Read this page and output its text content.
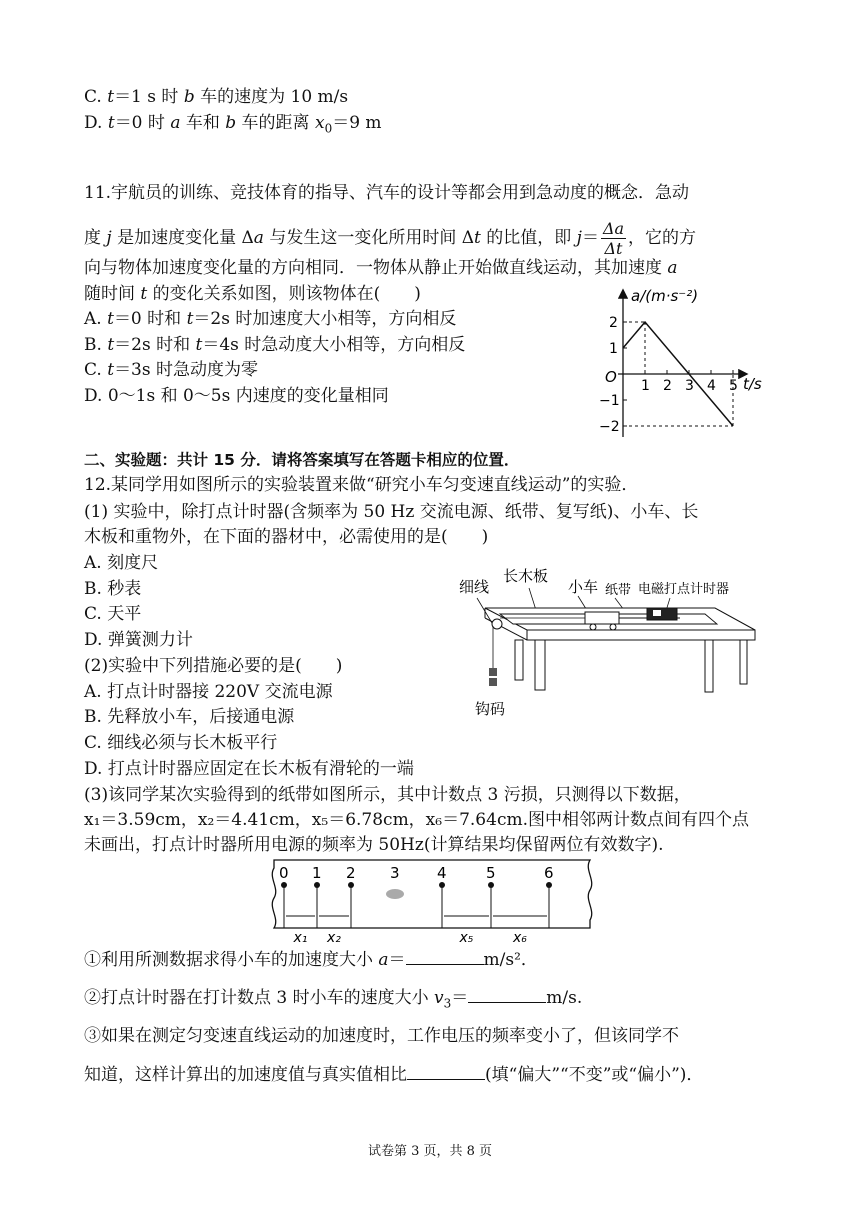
C. t＝1 s 时 b 车的速度为 10 m/s
D. t＝0 时 a 车和 b 车的距离 $x_0=9$ m
11.宇航员的训练、竞技体育的指导、汽车的设计等都会用到急动度的概念．急动
度 j 是加速度变化量 Δa 与发生这一变化所用时间 Δt 的比值，即 $j= \frac{\Delta a}{\Delta t}$ ，它的方
向与物体加速度变化量的方向相同．一物体从静止开始做直线运动，其加速度 a
随时间 t 的变化关系如图，则该物体在(　　)
A. t＝0 时和 t＝2s 时加速度大小相等，方向相反
B. t＝2s 时和 t＝4s 时急动度大小相等，方向相反
C. t＝3s 时急动度为零
D. 0～1s 和 0～5s 内速度的变化量相同	1 2 3 4 5
2
1
−1
−2
a/(m·s⁻²)
t/s
O
二、实验题：共计 15 分．请将答案填写在答题卡相应的位置．
12.某同学用如图所示的实验装置来做“研究小车匀变速直线运动”的实验．
(1) 实验中，除打点计时器(含频率为 50 Hz 交流电源、纸带、复写纸)、小车、长
木板和重物外，在下面的器材中，必需使用的是(　　)
A. 刻度尺
B. 秒表
C. 天平
D. 弹簧测力计
(2)实验中下列措施必要的是(　　)
A. 打点计时器接 220V 交流电源
B. 先释放小车，后接通电源
C. 细线必须与长木板平行
D. 打点计时器应固定在长木板有滑轮的一端
(3)该同学某次实验得到的纸带如图所示，其中计数点 3 污损，只测得以下数据，
x₁＝3.59cm，x₂＝4.41cm，x₅＝6.78cm，x₆＝7.64cm.图中相邻两计数点间有四个点
未画出，打点计时器所用电源的频率为 50Hz(计算结果均保留两位有效数字).
细线
长木板
小车 纸带 电磁打点计时器
钩码
0 1 2 3 4	5	6
x₁ x₂	x₅	x₆
①利用所测数据求得小车的加速度大小 a＝	m/s²．
②打点计时器在打计数点 3 时小车的速度大小 $v_3=$	m/s.
③如果在测定匀变速直线运动的加速度时，工作电压的频率变小了，但该同学不
知道，这样计算出的加速度值与真实值相比	(填“偏大”“不变”或“偏小”)．
试卷第 3 页，共 8 页
